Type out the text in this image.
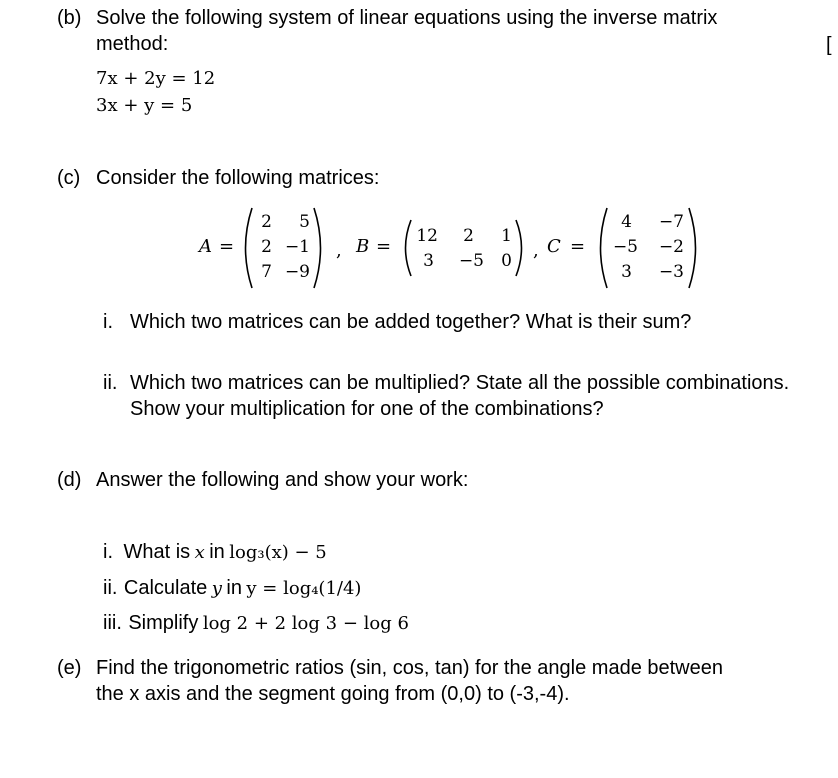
(b) Solve the following system of linear equations using the inverse matrix
method:	[
7x + 2y = 12
3x + y = 5
(c) Consider the following matrices:
A =
2	5
2 −1
7 −9
, B =	12	2	1
3	−5	0 , C =
4	−7
−5	−2
3	−3
i. Which two matrices can be added together? What is their sum?
ii. Which two matrices can be multiplied? State all the possible combinations.
Show your multiplication for one of the combinations?
(d) Answer the following and show your work:
i. What is x in log₃(x) − 5
ii. Calculate y in y = log₄(1/4)
iii. Simplify log 2 + 2 log 3 − log 6
(e) Find the trigonometric ratios (sin, cos, tan) for the angle made between
the x axis and the segment going from (0,0) to (-3,-4).
